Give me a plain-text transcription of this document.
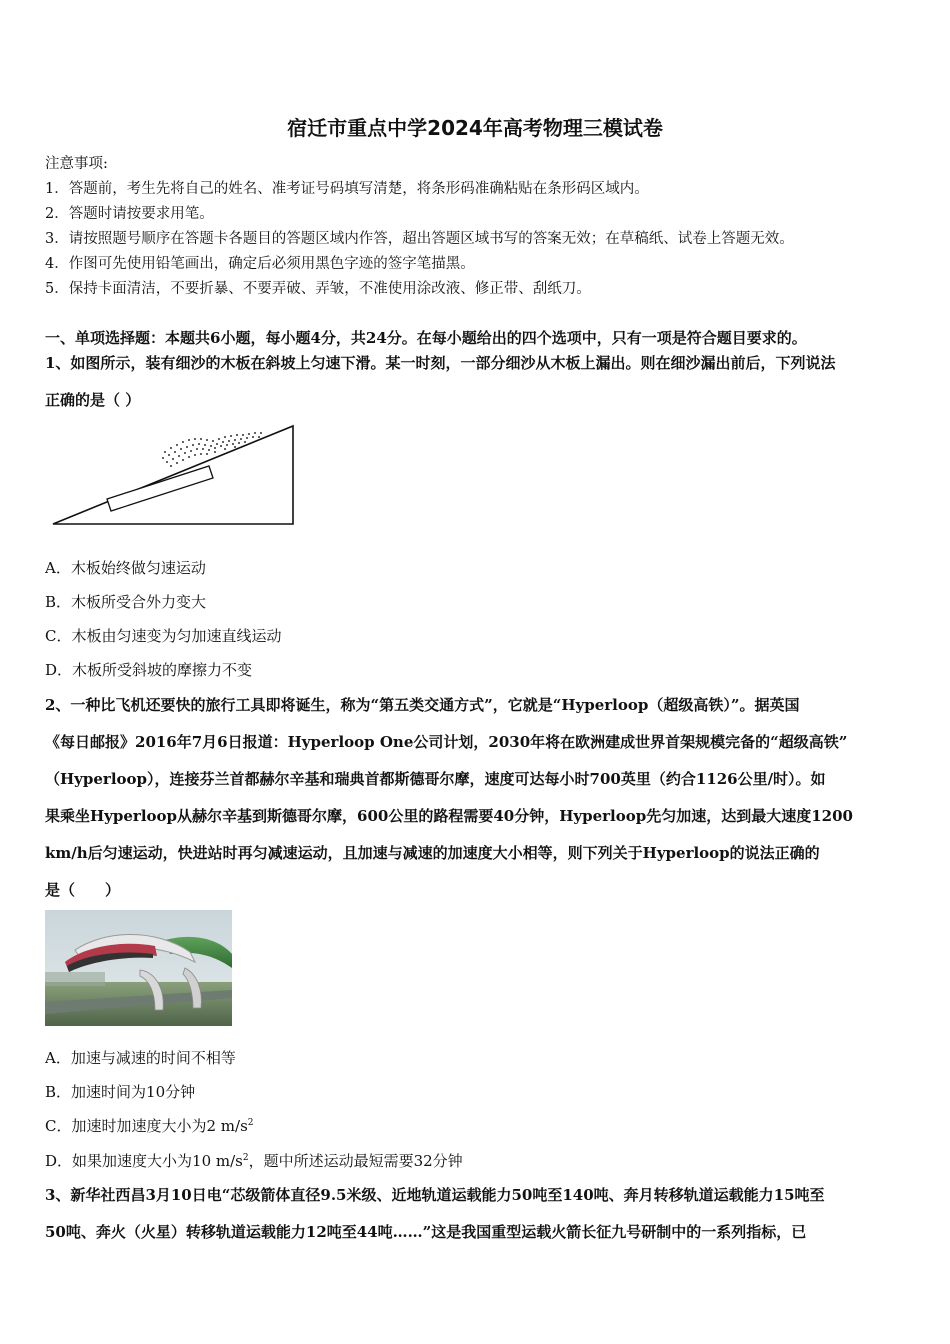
宿迁市重点中学2024年高考物理三模试卷
注意事项:
1．答题前，考生先将自己的姓名、准考证号码填写清楚，将条形码准确粘贴在条形码区域内。
2．答题时请按要求用笔。
3．请按照题号顺序在答题卡各题目的答题区域内作答，超出答题区域书写的答案无效；在草稿纸、试卷上答题无效。
4．作图可先使用铅笔画出，确定后必须用黑色字迹的签字笔描黑。
5．保持卡面清洁，不要折暴、不要弄破、弄皱，不准使用涂改液、修正带、刮纸刀。
一、单项选择题：本题共6小题，每小题4分，共24分。在每小题给出的四个选项中，只有一项是符合题目要求的。
1、如图所示，装有细沙的木板在斜坡上匀速下滑。某一时刻，一部分细沙从木板上漏出。则在细沙漏出前后，下列说法
正确的是（ ）
A．木板始终做匀速运动
B．木板所受合外力变大
C．木板由匀速变为匀加速直线运动
D．木板所受斜坡的摩擦力不变
2、一种比飞机还要快的旅行工具即将诞生，称为“第五类交通方式”，它就是“Hyperloop（超级高铁）”。据英国
《每日邮报》2016年7月6日报道：Hyperloop One公司计划，2030年将在欧洲建成世界首架规模完备的“超级高铁”
（Hyperloop），连接芬兰首都赫尔辛基和瑞典首都斯德哥尔摩，速度可达每小时700英里（约合1126公里/时）。如
果乘坐Hyperloop从赫尔辛基到斯德哥尔摩，600公里的路程需要40分钟，Hyperloop先匀加速，达到最大速度1200
km/h后匀速运动，快进站时再匀减速运动，且加速与减速的加速度大小相等，则下列关于Hyperloop的说法正确的
是（　　）
A．加速与减速的时间不相等
B．加速时间为10分钟
C．加速时加速度大小为2 $m/s^2$
D．如果加速度大小为10 $m/s^2$，题中所述运动最短需要32分钟
3、新华社西昌3月10日电“芯级箭体直径9.5米级、近地轨道运载能力50吨至140吨、奔月转移轨道运载能力15吨至
50吨、奔火（火星）转移轨道运载能力12吨至44吨……”这是我国重型运载火箭长征九号研制中的一系列指标，已
